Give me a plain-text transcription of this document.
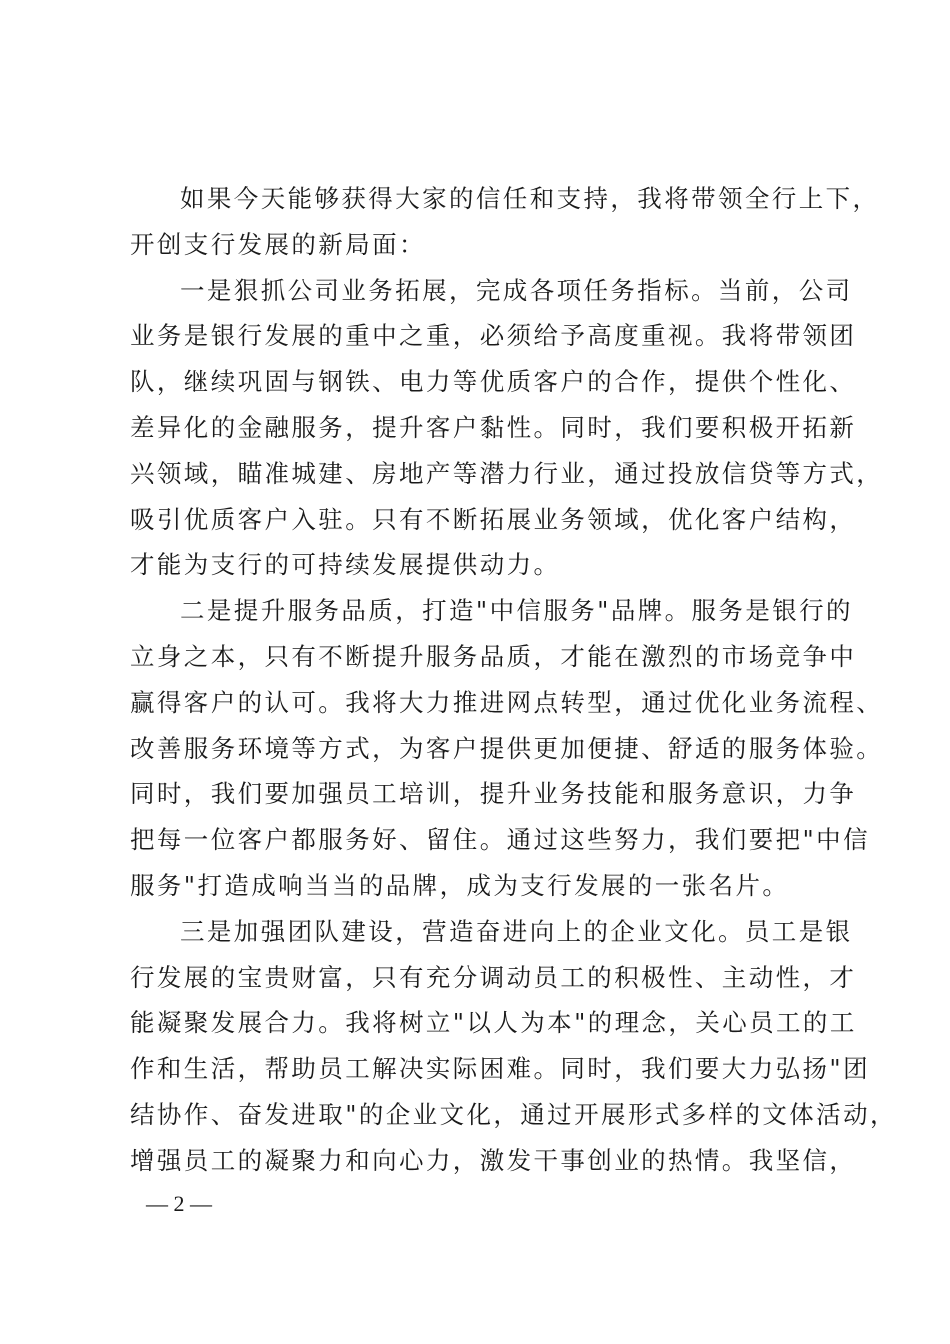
如果今天能够获得大家的信任和支持，我将带领全行上下，
开创支行发展的新局面：
一是狠抓公司业务拓展，完成各项任务指标。当前，公司
业务是银行发展的重中之重，必须给予高度重视。我将带领团
队，继续巩固与钢铁、电力等优质客户的合作，提供个性化、
差异化的金融服务，提升客户黏性。同时，我们要积极开拓新
兴领域，瞄准城建、房地产等潜力行业，通过投放信贷等方式，
吸引优质客户入驻。只有不断拓展业务领域，优化客户结构，
才能为支行的可持续发展提供动力。
二是提升服务品质，打造"中信服务"品牌。服务是银行的
立身之本，只有不断提升服务品质，才能在激烈的市场竞争中
赢得客户的认可。我将大力推进网点转型，通过优化业务流程、
改善服务环境等方式，为客户提供更加便捷、舒适的服务体验。
同时，我们要加强员工培训，提升业务技能和服务意识，力争
把每一位客户都服务好、留住。通过这些努力，我们要把"中信
服务"打造成响当当的品牌，成为支行发展的一张名片。
三是加强团队建设，营造奋进向上的企业文化。员工是银
行发展的宝贵财富，只有充分调动员工的积极性、主动性，才
能凝聚发展合力。我将树立"以人为本"的理念，关心员工的工
作和生活，帮助员工解决实际困难。同时，我们要大力弘扬"团
结协作、奋发进取"的企业文化，通过开展形式多样的文体活动，
增强员工的凝聚力和向心力，激发干事创业的热情。我坚信，
— 2 —
